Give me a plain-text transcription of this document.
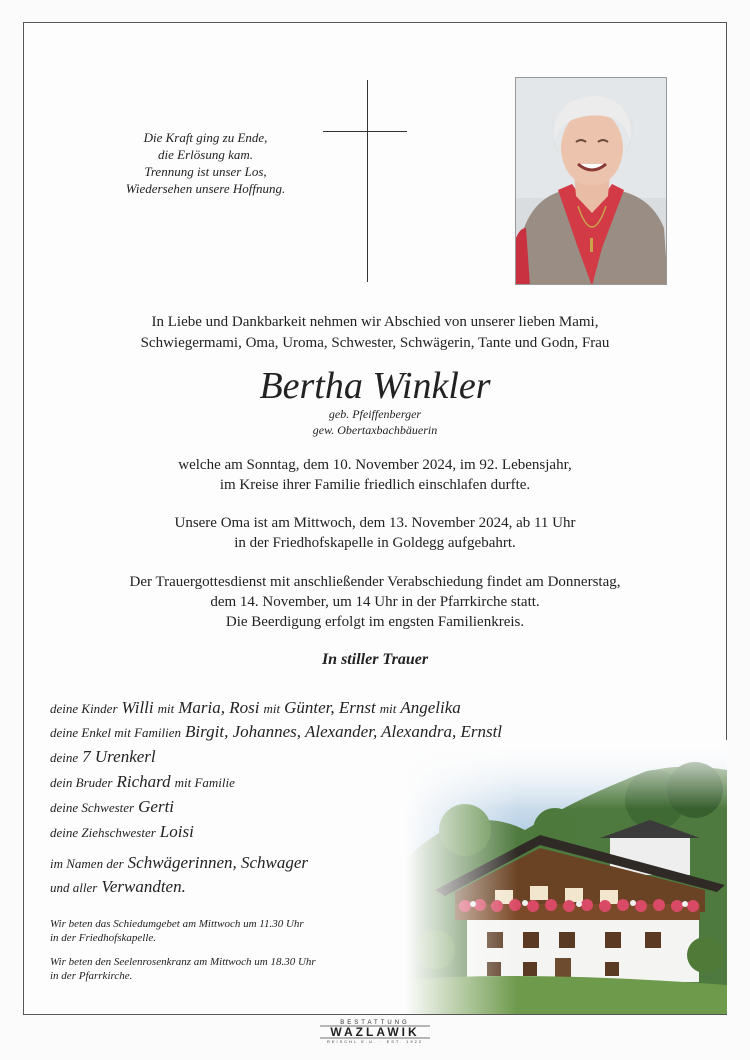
Die Kraft ging zu Ende,
die Erlösung kam.
Trennung ist unser Los,
Wiedersehen unsere Hoffnung.
In Liebe und Dankbarkeit nehmen wir Abschied von unserer lieben Mami,
Schwiegermami, Oma, Uroma, Schwester, Schwägerin, Tante und Godn, Frau
Bertha Winkler
geb. Pfeiffenberger
gew. Obertaxbachbäuerin
welche am Sonntag, dem 10. November 2024, im 92. Lebensjahr,
im Kreise ihrer Familie friedlich einschlafen durfte.
Unsere Oma ist am Mittwoch, dem 13. November 2024, ab 11 Uhr
in der Friedhofskapelle in Goldegg aufgebahrt.
Der Trauergottesdienst mit anschließender Verabschiedung findet am Donnerstag,
dem 14. November, um 14 Uhr in der Pfarrkirche statt.
Die Beerdigung erfolgt im engsten Familienkreis.
In stiller Trauer
deine Kinder Willi mit Maria, Rosi mit Günter, Ernst mit Angelika
deine Enkel mit Familien Birgit, Johannes, Alexander, Alexandra, Ernstl
deine 7 Urenkerl
dein Bruder Richard mit Familie
deine Schwester Gerti
deine Ziehschwester Loisi
im Namen der Schwägerinnen, Schwager
und aller Verwandten.
Wir beten das Schiedumgebet am Mittwoch um 11.30 Uhr
in der Friedhofskapelle.
Wir beten den Seelenrosenkranz am Mittwoch um 18.30 Uhr
in der Pfarrkirche.
BESTATTUNG
WAZLAWIK
REISCHL E.U. · EST. 1922
